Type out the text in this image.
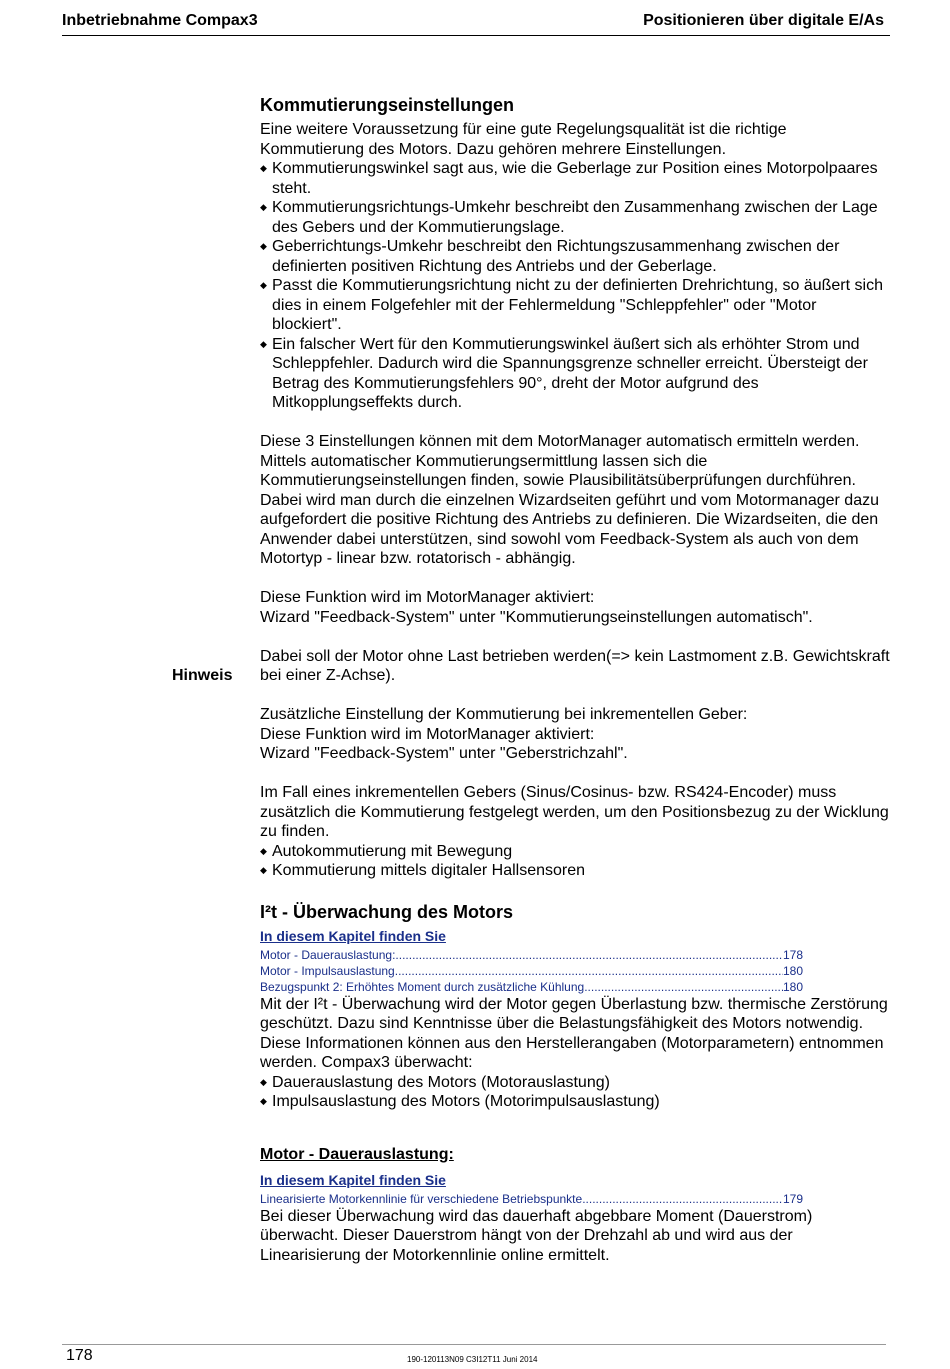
Inbetriebnahme Compax3	Positionieren über digitale E/As
Hinweis
Kommutierungseinstellungen

Eine weitere Voraussetzung für eine gute Regelungsqualität ist die richtige Kommutierung des Motors. Dazu gehören mehrere Einstellungen.

◆ Kommutierungswinkel sagt aus, wie die Geberlage zur Position eines Motorpolpaares steht.
◆ Kommutierungsrichtungs-Umkehr beschreibt den Zusammenhang zwischen der Lage des Gebers und der Kommutierungslage.
◆ Geberrichtungs-Umkehr beschreibt den Richtungszusammenhang zwischen der definierten positiven Richtung des Antriebs und der Geberlage.
◆ Passt die Kommutierungsrichtung nicht zu der definierten Drehrichtung, so äußert sich dies in einem Folgefehler mit der Fehlermeldung "Schleppfehler" oder "Motor blockiert".
◆ Ein falscher Wert für den Kommutierungswinkel äußert sich als erhöhter Strom und Schleppfehler. Dadurch wird die Spannungsgrenze schneller erreicht. Übersteigt der Betrag des Kommutierungsfehlers 90°, dreht der Motor aufgrund des Mitkopplungseffekts durch.

Diese 3 Einstellungen können mit dem MotorManager automatisch ermitteln werden.

Mittels automatischer Kommutierungsermittlung lassen sich die Kommutierungseinstellungen finden, sowie Plausibilitätsüberprüfungen durchführen. Dabei wird man durch die einzelnen Wizardseiten geführt und vom Motormanager dazu aufgefordert die positive Richtung des Antriebs zu definieren. Die Wizardseiten, die den Anwender dabei unterstützen, sind sowohl vom Feedback-System als auch von dem Motortyp - linear bzw. rotatorisch - abhängig.

Diese Funktion wird im MotorManager aktiviert:

Wizard "Feedback-System" unter "Kommutierungseinstellungen automatisch".

Dabei soll der Motor ohne Last betrieben werden(=> kein Lastmoment z.B. Gewichtskraft bei einer Z-Achse).

Zusätzliche Einstellung der Kommutierung bei inkrementellen Geber:

Diese Funktion wird im MotorManager aktiviert:

Wizard "Feedback-System" unter "Geberstrichzahl".

Im Fall eines inkrementellen Gebers (Sinus/Cosinus- bzw. RS424-Encoder) muss zusätzlich die Kommutierung festgelegt werden, um den Positionsbezug zu der Wicklung zu finden.

◆ Autokommutierung mit Bewegung
◆ Kommutierung mittels digitaler Hallsensoren
I²t - Überwachung des Motors
In diesem Kapitel finden Sie
Motor - Dauerauslastung: .....	178
Motor - Impulsauslastung .....	180
Bezugspunkt 2: Erhöhtes Moment durch zusätzliche Kühlung .....	180

Mit der I²t - Überwachung wird der Motor gegen Überlastung bzw. thermische Zerstörung geschützt. Dazu sind Kenntnisse über die Belastungsfähigkeit des Motors notwendig. Diese Informationen können aus den Herstellerangaben (Motorparametern) entnommen werden. Compax3 überwacht:

◆ Dauerauslastung des Motors (Motorauslastung)
◆ Impulsauslastung des Motors (Motorimpulsauslastung)
Motor - Dauerauslastung:
In diesem Kapitel finden Sie
Linearisierte Motorkennlinie für verschiedene Betriebspunkte .....	179

Bei dieser Überwachung wird das dauerhaft abgebbare Moment (Dauerstrom) überwacht. Dieser Dauerstrom hängt von der Drehzahl ab und wird aus der Linearisierung der Motorkennlinie online ermittelt.

178	190-120113N09 C3I12T11 Juni 2014
